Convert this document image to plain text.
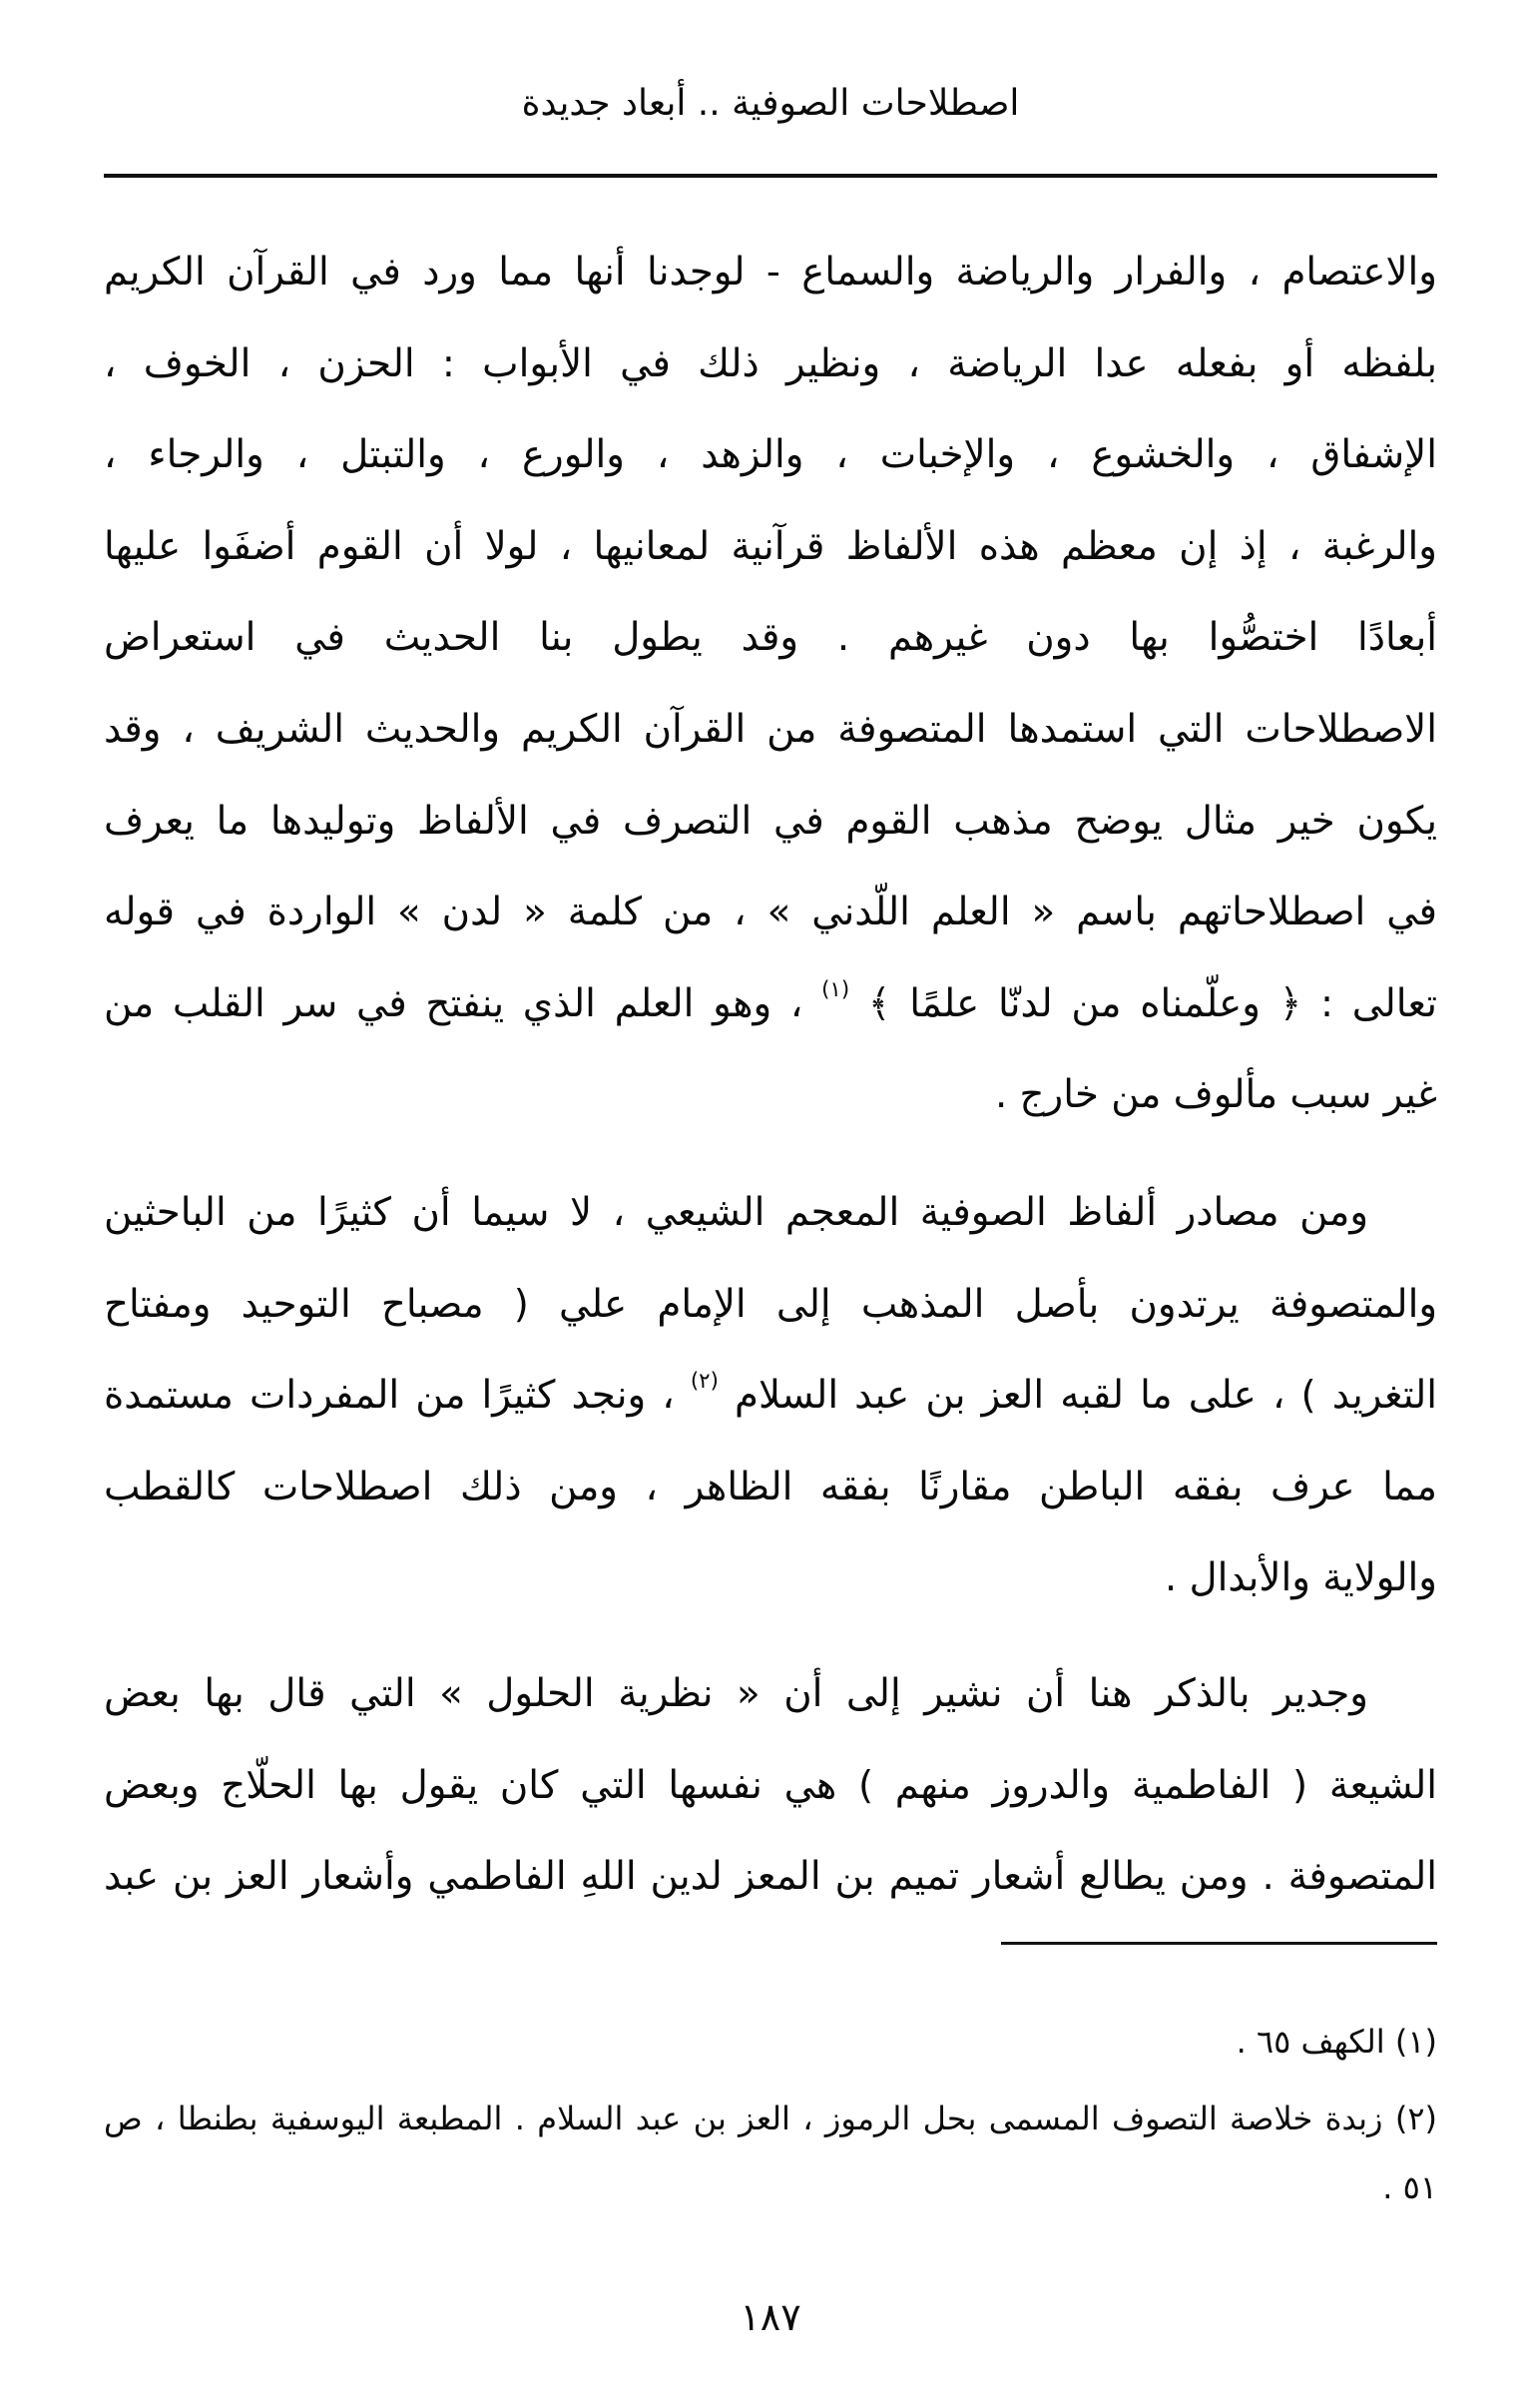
اصطلاحات الصوفية .. أبعاد جديدة
والاعتصام ، والفرار والرياضة والسماع - لوجدنا أنها مما ورد في القرآن الكريم
بلفظه أو بفعله عدا الرياضة ، ونظير ذلك في الأبواب : الحزن ، الخوف ،
الإشفاق ، والخشوع ، والإخبات ، والزهد ، والورع ، والتبتل ، والرجاء ،
والرغبة ، إذ إن معظم هذه الألفاظ قرآنية لمعانيها ، لولا أن القوم أضفَوا عليها
أبعادًا اختصُّوا بها دون غيرهم . وقد يطول بنا الحديث في استعراض
الاصطلاحات التي استمدها المتصوفة من القرآن الكريم والحديث الشريف ، وقد
يكون خير مثال يوضح مذهب القوم في التصرف في الألفاظ وتوليدها ما يعرف
في اصطلاحاتهم باسم « العلم اللّدني » ، من كلمة « لدن » الواردة في قوله
تعالى : ﴿ وعلّمناه من لدنّا علمًا ﴾ $^{(١)}$ ، وهو العلم الذي ينفتح في سر القلب من
غير سبب مألوف من خارج .
ومن مصادر ألفاظ الصوفية المعجم الشيعي ، لا سيما أن كثيرًا من الباحثين
والمتصوفة يرتدون بأصل المذهب إلى الإمام علي ( مصباح التوحيد ومفتاح
التغريد ) ، على ما لقبه العز بن عبد السلام $^{(٢)}$ ، ونجد كثيرًا من المفردات مستمدة
مما عرف بفقه الباطن مقارنًا بفقه الظاهر ، ومن ذلك اصطلاحات كالقطب
والولاية والأبدال .
وجدير بالذكر هنا أن نشير إلى أن « نظرية الحلول » التي قال بها بعض
الشيعة ( الفاطمية والدروز منهم ) هي نفسها التي كان يقول بها الحلّاج وبعض
المتصوفة . ومن يطالع أشعار تميم بن المعز لدين اللهِ الفاطمي وأشعار العز بن عبد
(١) الكهف ٦٥ .
(٢) زبدة خلاصة التصوف المسمى بحل الرموز ، العز بن عبد السلام . المطبعة اليوسفية بطنطا ، ص
٥١ .
١٨٧
